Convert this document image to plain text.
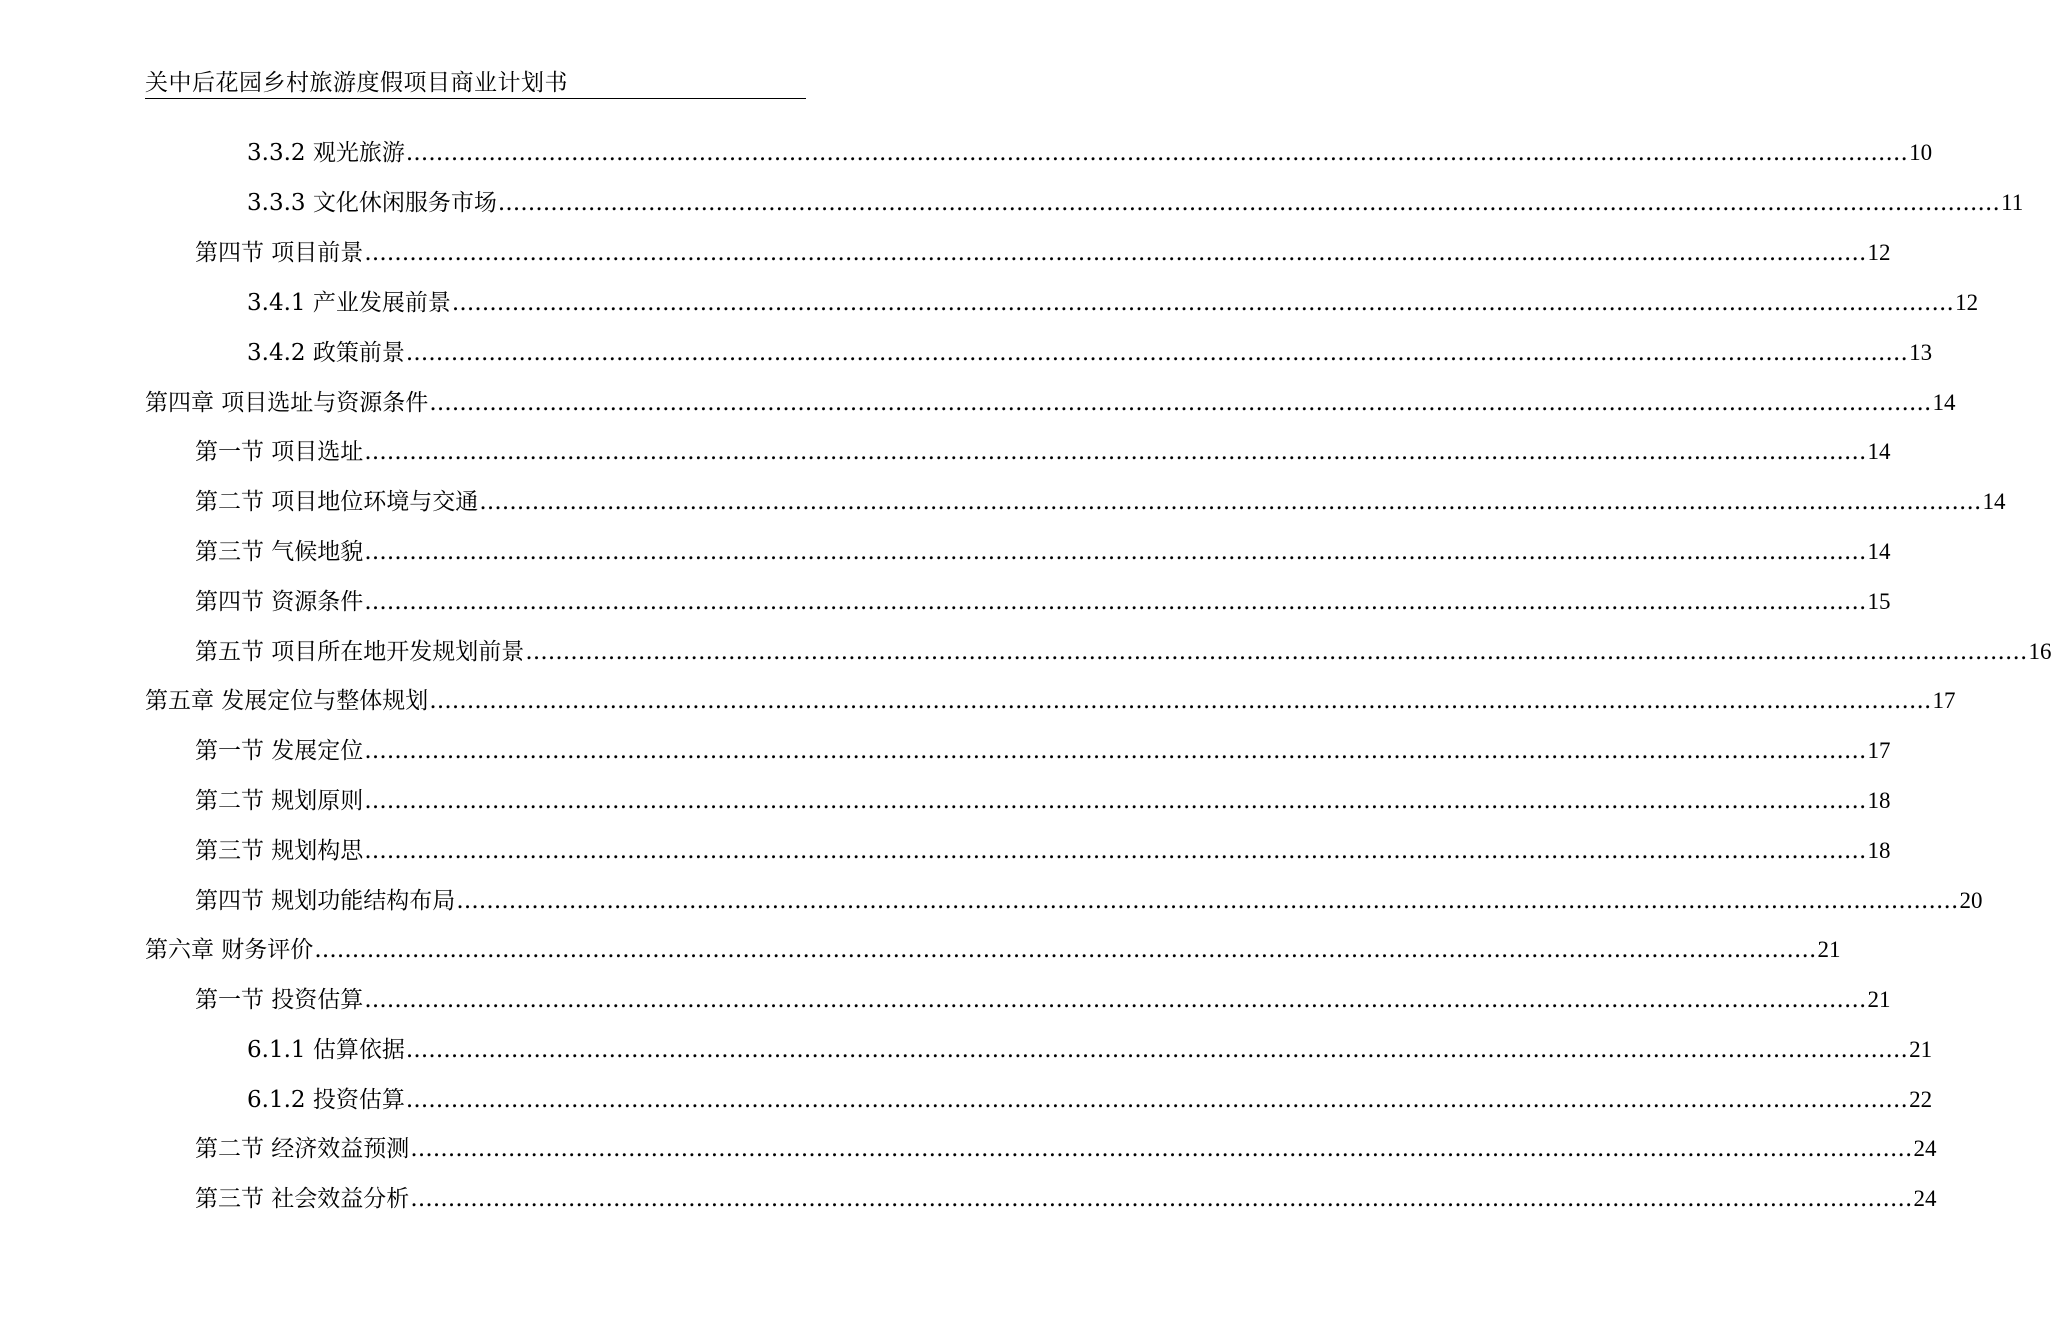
关中后花园乡村旅游度假项目商业计划书
3.3.2 观光旅游 ........................................................................................................................................................................................................ 10
3.3.3 文化休闲服务市场 ........................................................................................................................................................................................................ 11
第四节 项目前景 ........................................................................................................................................................................................................ 12
3.4.1 产业发展前景 ........................................................................................................................................................................................................ 12
3.4.2 政策前景 ........................................................................................................................................................................................................ 13
第四章 项目选址与资源条件 ........................................................................................................................................................................................................ 14
第一节 项目选址 ........................................................................................................................................................................................................ 14
第二节 项目地位环境与交通 ........................................................................................................................................................................................................ 14
第三节 气候地貌 ........................................................................................................................................................................................................ 14
第四节 资源条件 ........................................................................................................................................................................................................ 15
第五节 项目所在地开发规划前景 ........................................................................................................................................................................................................ 16
第五章 发展定位与整体规划 ........................................................................................................................................................................................................ 17
第一节 发展定位 ........................................................................................................................................................................................................ 17
第二节 规划原则 ........................................................................................................................................................................................................ 18
第三节 规划构思 ........................................................................................................................................................................................................ 18
第四节 规划功能结构布局 ........................................................................................................................................................................................................ 20
第六章 财务评价 ........................................................................................................................................................................................................ 21
第一节 投资估算 ........................................................................................................................................................................................................ 21
6.1.1 估算依据 ........................................................................................................................................................................................................ 21
6.1.2 投资估算 ........................................................................................................................................................................................................ 22
第二节 经济效益预测 ........................................................................................................................................................................................................ 24
第三节 社会效益分析 ........................................................................................................................................................................................................ 24
